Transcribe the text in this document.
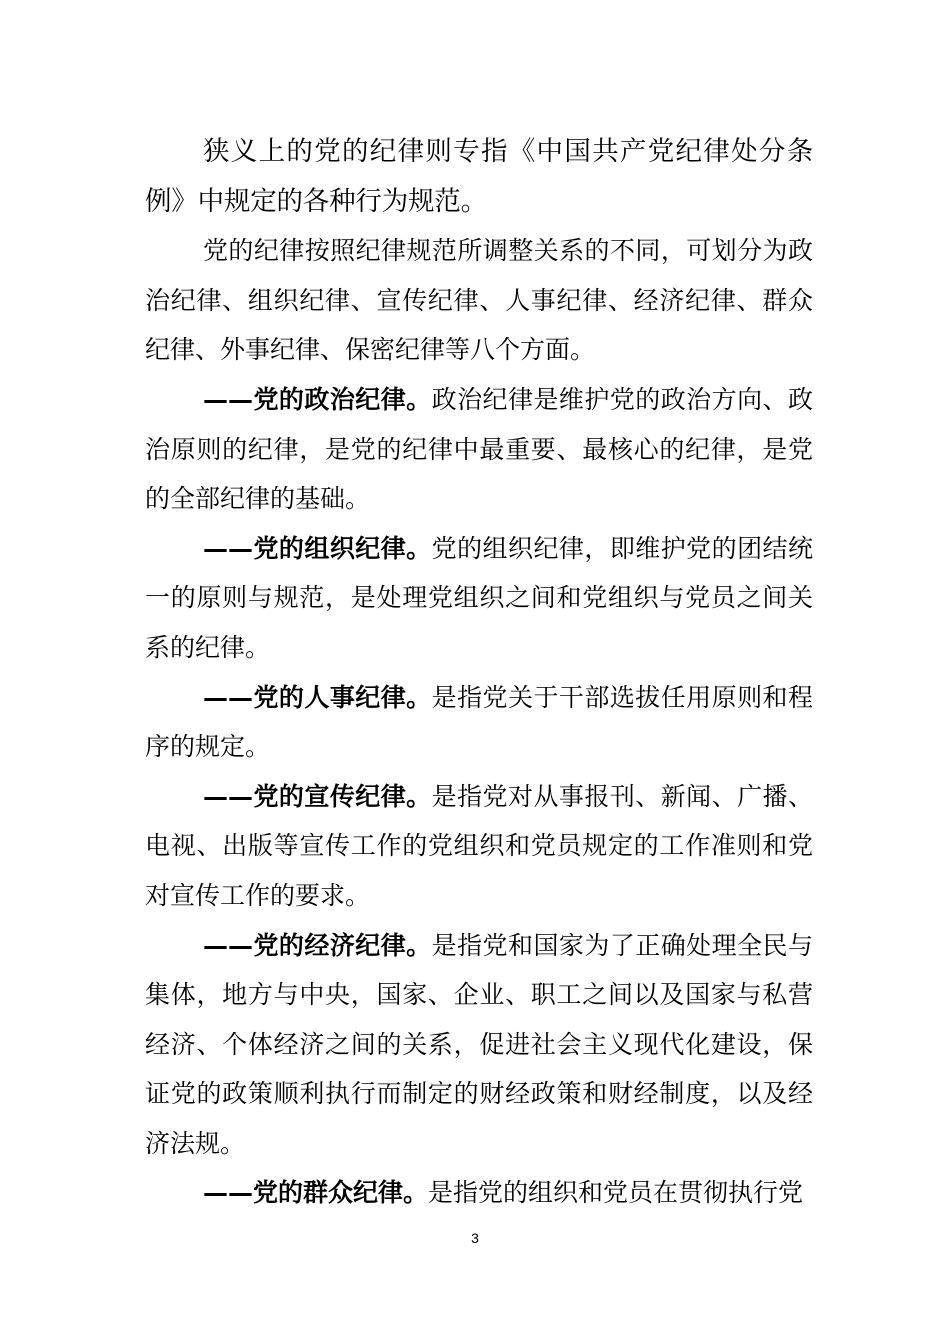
狭义上的党的纪律则专指《中国共产党纪律处分条例》中规定的各种行为规范。

党的纪律按照纪律规范所调整关系的不同，可划分为政治纪律、组织纪律、宣传纪律、人事纪律、经济纪律、群众纪律、外事纪律、保密纪律等八个方面。

——党的政治纪律。政治纪律是维护党的政治方向、政治原则的纪律，是党的纪律中最重要、最核心的纪律，是党的全部纪律的基础。

——党的组织纪律。党的组织纪律，即维护党的团结统一的原则与规范，是处理党组织之间和党组织与党员之间关系的纪律。

——党的人事纪律。是指党关于干部选拔任用原则和程序的规定。

——党的宣传纪律。是指党对从事报刊、新闻、广播、电视、出版等宣传工作的党组织和党员规定的工作准则和党对宣传工作的要求。

——党的经济纪律。是指党和国家为了正确处理全民与集体，地方与中央，国家、企业、职工之间以及国家与私营经济、个体经济之间的关系，促进社会主义现代化建设，保证党的政策顺利执行而制定的财经政策和财经制度，以及经济法规。

——党的群众纪律。是指党的组织和党员在贯彻执行党

3
